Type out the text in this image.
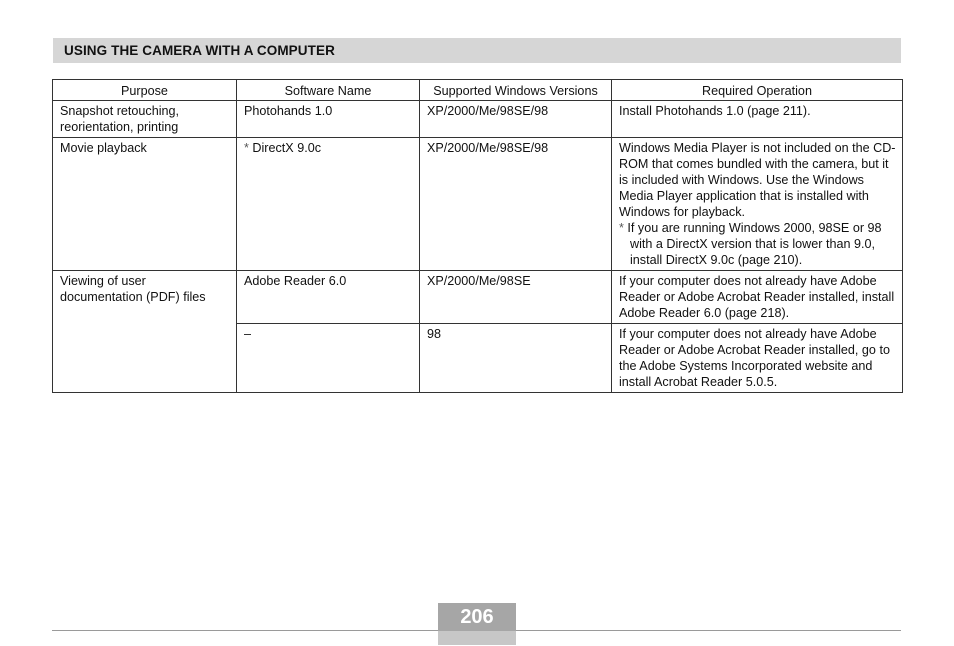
USING THE CAMERA WITH A COMPUTER
Purpose	Software Name	Supported Windows Versions	Required Operation
Snapshot retouching, reorientation, printing	Photohands 1.0	XP/2000/Me/98SE/98	Install Photohands 1.0 (page 211).
Movie playback	* DirectX 9.0c	XP/2000/Me/98SE/98	Windows Media Player is not included on the CD-ROM that comes bundled with the camera, but it is included with Windows. Use the Windows Media Player application that is installed with Windows for playback.
* If you are running Windows 2000, 98SE or 98 with a DirectX version that is lower than 9.0, install DirectX 9.0c (page 210).

Viewing of user documentation (PDF) files	Adobe Reader 6.0	XP/2000/Me/98SE	If your computer does not already have Adobe Reader or Adobe Acrobat Reader installed, install Adobe Reader 6.0 (page 218).
	–	98	If your computer does not already have Adobe Reader or Adobe Acrobat Reader installed, go to the Adobe Systems Incorporated website and install Acrobat Reader 5.0.5.
206
